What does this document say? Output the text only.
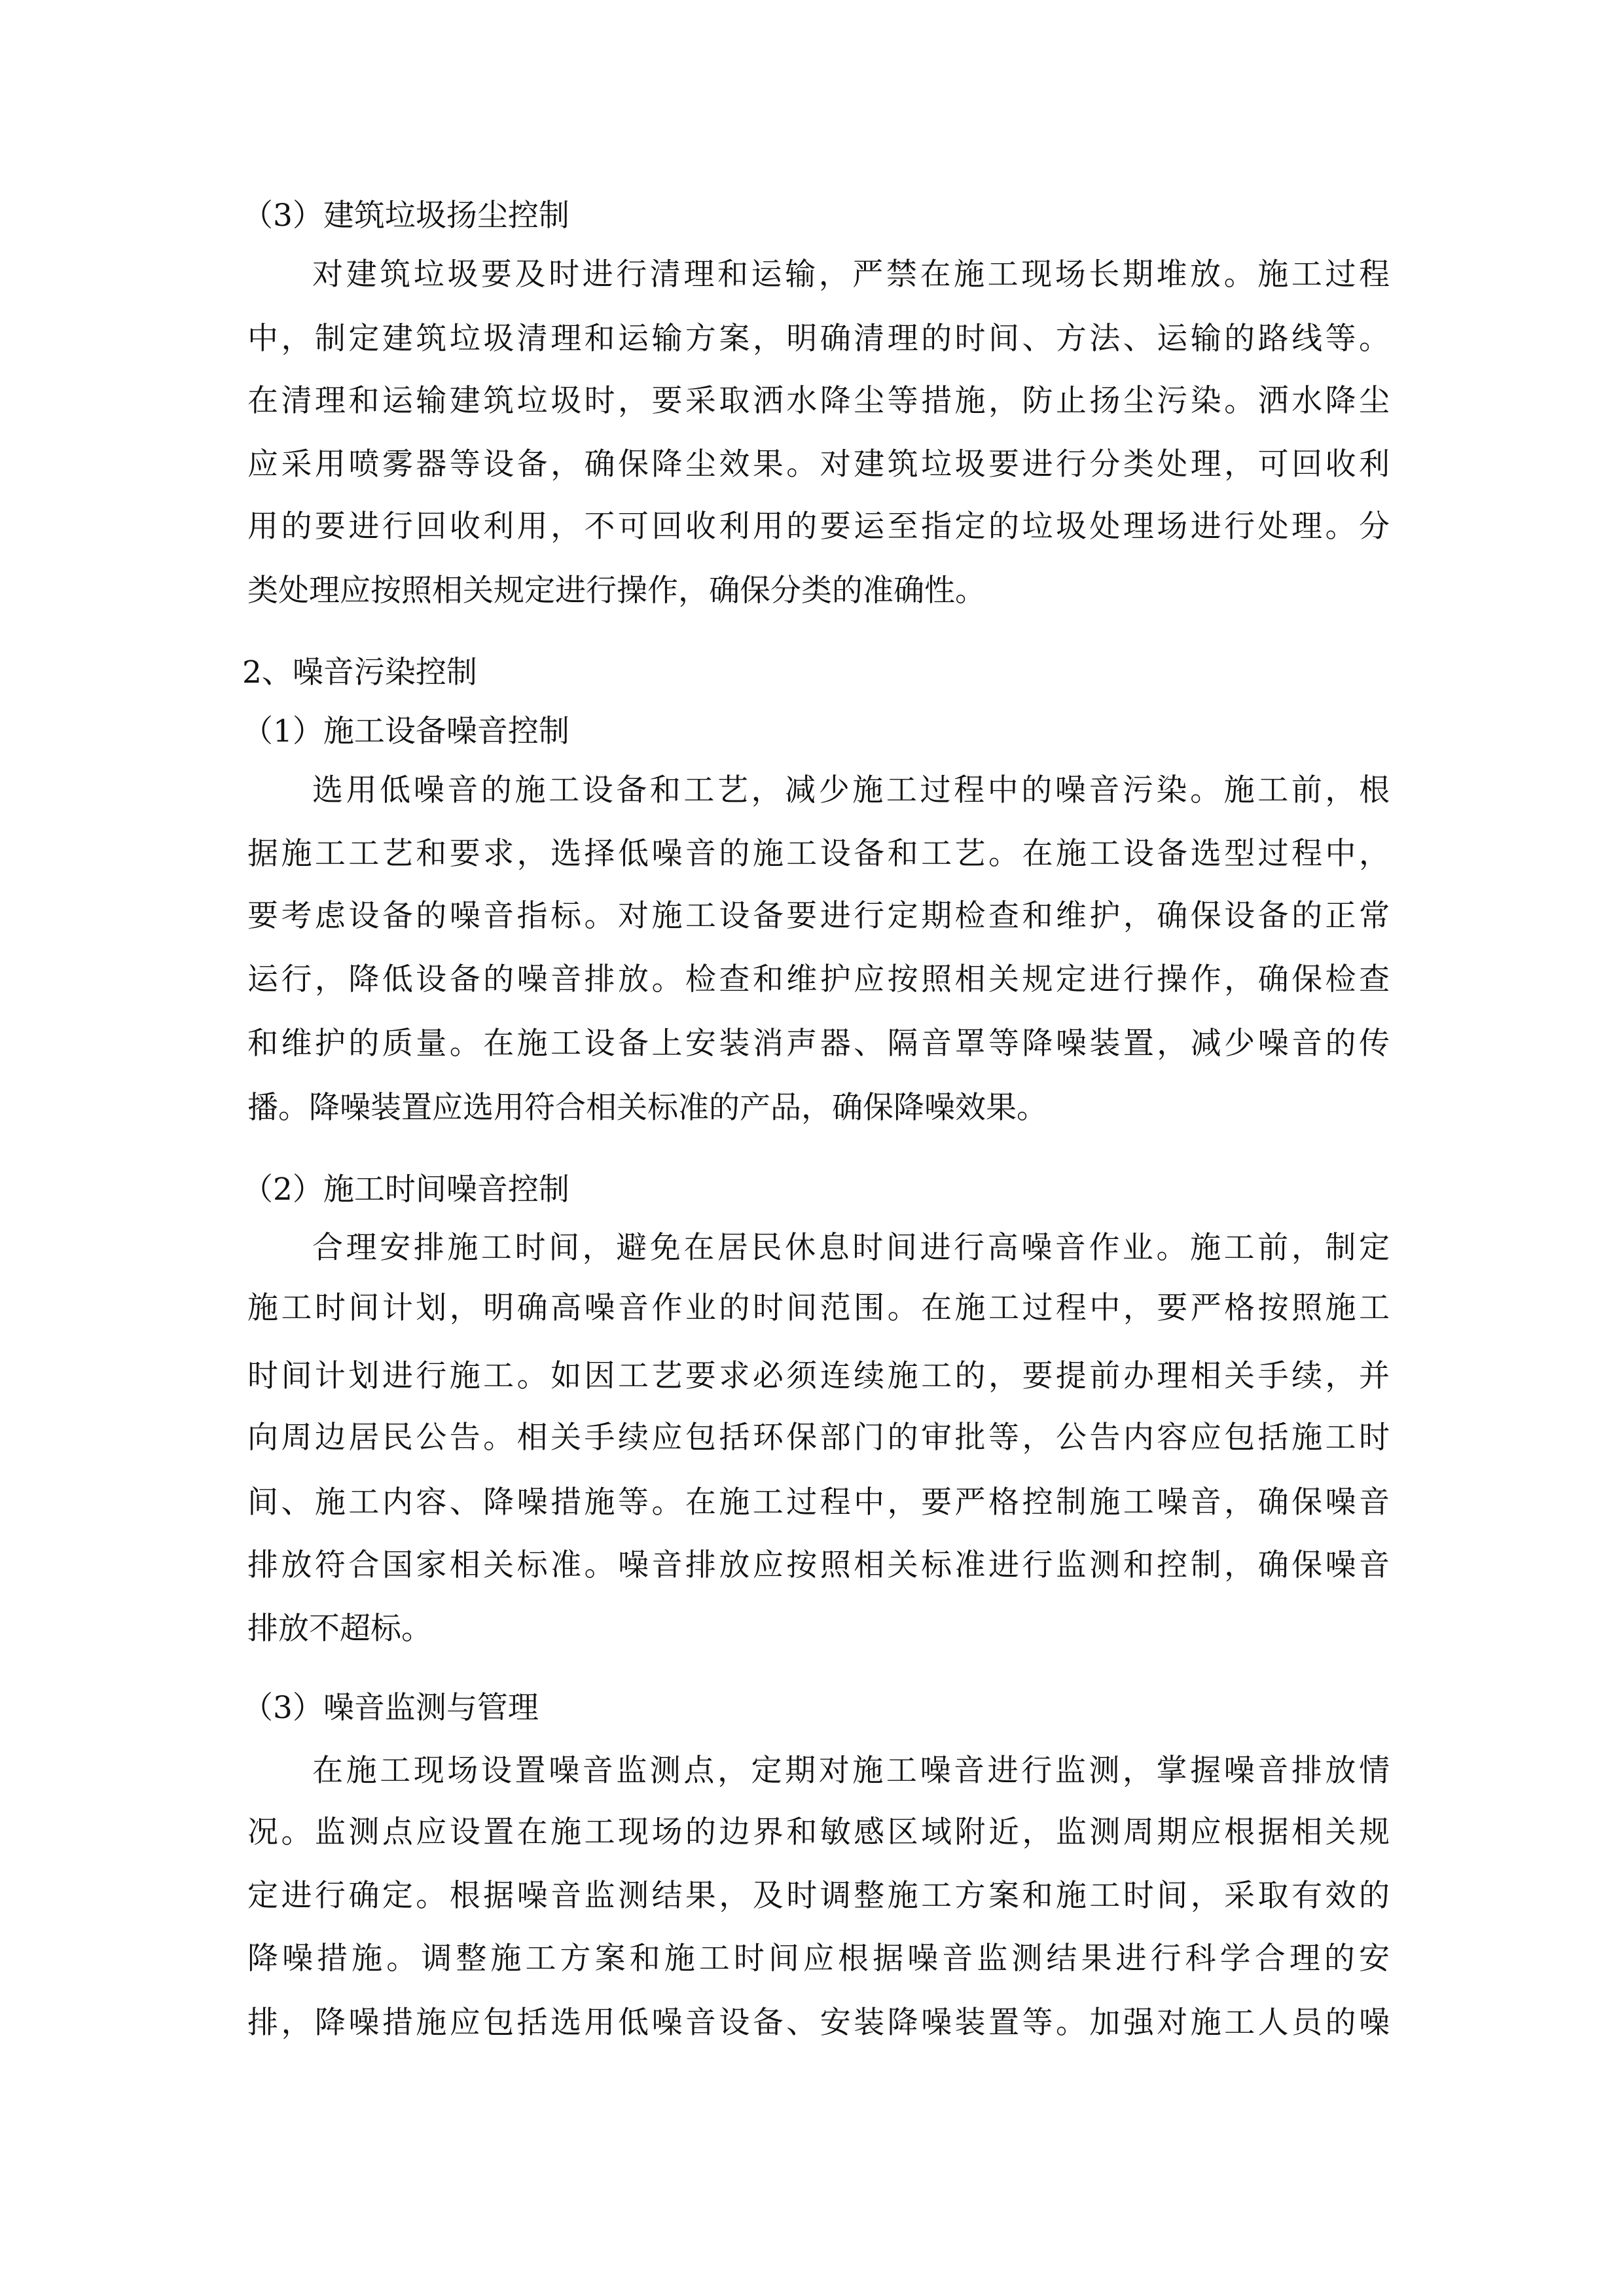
（3）建筑垃圾扬尘控制
对建筑垃圾要及时进行清理和运输，严禁在施工现场长期堆放。施工过程
中，制定建筑垃圾清理和运输方案，明确清理的时间、方法、运输的路线等。
在清理和运输建筑垃圾时，要采取洒水降尘等措施，防止扬尘污染。洒水降尘
应采用喷雾器等设备，确保降尘效果。对建筑垃圾要进行分类处理，可回收利
用的要进行回收利用，不可回收利用的要运至指定的垃圾处理场进行处理。分
类处理应按照相关规定进行操作，确保分类的准确性。
2、噪音污染控制
（1）施工设备噪音控制
选用低噪音的施工设备和工艺，减少施工过程中的噪音污染。施工前，根
据施工工艺和要求，选择低噪音的施工设备和工艺。在施工设备选型过程中，
要考虑设备的噪音指标。对施工设备要进行定期检查和维护，确保设备的正常
运行，降低设备的噪音排放。检查和维护应按照相关规定进行操作，确保检查
和维护的质量。在施工设备上安装消声器、隔音罩等降噪装置，减少噪音的传
播。降噪装置应选用符合相关标准的产品，确保降噪效果。
（2）施工时间噪音控制
合理安排施工时间，避免在居民休息时间进行高噪音作业。施工前，制定
施工时间计划，明确高噪音作业的时间范围。在施工过程中，要严格按照施工
时间计划进行施工。如因工艺要求必须连续施工的，要提前办理相关手续，并
向周边居民公告。相关手续应包括环保部门的审批等，公告内容应包括施工时
间、施工内容、降噪措施等。在施工过程中，要严格控制施工噪音，确保噪音
排放符合国家相关标准。噪音排放应按照相关标准进行监测和控制，确保噪音
排放不超标。
（3）噪音监测与管理
在施工现场设置噪音监测点，定期对施工噪音进行监测，掌握噪音排放情
况。监测点应设置在施工现场的边界和敏感区域附近，监测周期应根据相关规
定进行确定。根据噪音监测结果，及时调整施工方案和施工时间，采取有效的
降噪措施。调整施工方案和施工时间应根据噪音监测结果进行科学合理的安
排，降噪措施应包括选用低噪音设备、安装降噪装置等。加强对施工人员的噪
